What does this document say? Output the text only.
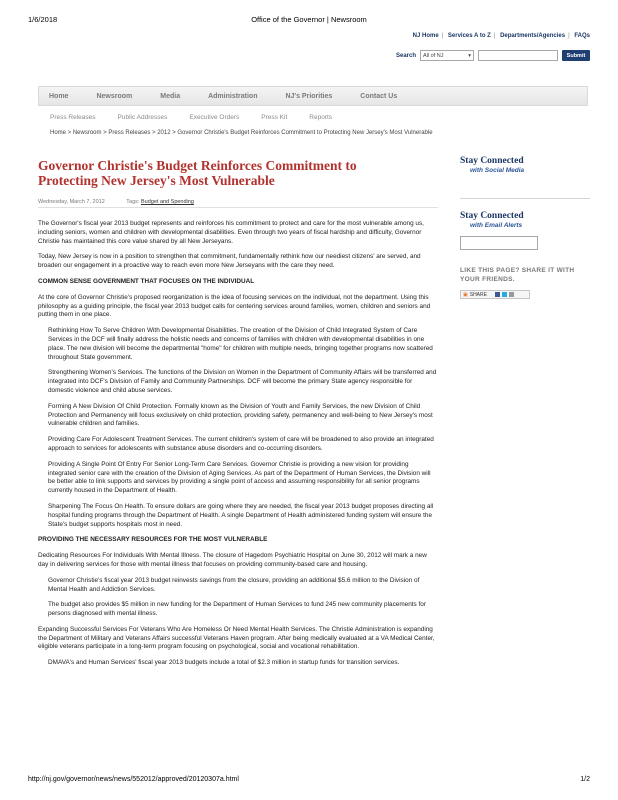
1/6/2018	Office of the Governor | Newsroom
NJ Home | Services A to Z | Departments/Agencies | FAQs
Search All of NJ	▾	Submit
Home	Newsroom	Media	Administration	NJ's Priorities	Contact Us
Press Releases	Public Addresses	Executive Orders	Press Kit	Reports
Home > Newsroom > Press Releases > 2012 > Governor Christie's Budget Reinforces Commitment to Protecting New Jersey's Most Vulnerable
Governor Christie's Budget Reinforces Commitment to Protecting New Jersey's Most Vulnerable
Wednesday, March 7, 2012	Tags: Budget and Spending

The Governor's fiscal year 2013 budget represents and reinforces his commitment to protect and care for the most vulnerable among us, including seniors, women and children with developmental disabilities. Even through two years of fiscal hardship and difficulty, Governor Christie has maintained this core value shared by all New Jerseyans.

Today, New Jersey is now in a position to strengthen that commitment, fundamentally rethink how our neediest citizens' are served, and broaden our engagement in a proactive way to reach even more New Jerseyans with the care they need.

COMMON SENSE GOVERNMENT THAT FOCUSES ON THE INDIVIDUAL

At the core of Governor Christie's proposed reorganization is the idea of focusing services on the individual, not the department. Using this philosophy as a guiding principle, the fiscal year 2013 budget calls for centering services around families, women, children and seniors and putting them in one place.

Rethinking How To Serve Children With Developmental Disabilities. The creation of the Division of Child Integrated System of Care Services in the DCF will finally address the holistic needs and concerns of families with children with developmental disabilities in one place. The new division will become the departmental "home" for children with multiple needs, bringing together programs now scattered throughout State government.

Strengthening Women's Services. The functions of the Division on Women in the Department of Community Affairs will be transferred and integrated into DCF's Division of Family and Community Partnerships. DCF will become the primary State agency responsible for domestic violence and child abuse services.

Forming A New Division Of Child Protection. Formally known as the Division of Youth and Family Services, the new Division of Child Protection and Permanency will focus exclusively on child protection, providing safety, permanency and well-being to New Jersey's most vulnerable children and families.

Providing Care For Adolescent Treatment Services. The current children's system of care will be broadened to also provide an integrated approach to services for adolescents with substance abuse disorders and co-occurring disorders.

Providing A Single Point Of Entry For Senior Long-Term Care Services. Governor Christie is providing a new vision for providing integrated senior care with the creation of the Division of Aging Services. As part of the Department of Human Services, the Division will be better able to link supports and services by providing a single point of access and assuming responsibility for all senior programs currently housed in the Department of Health.

Sharpening The Focus On Health. To ensure dollars are going where they are needed, the fiscal year 2013 budget proposes directing all hospital funding programs through the Department of Health. A single Department of Health administered funding system will ensure the State's budget supports hospitals most in need.

PROVIDING THE NECESSARY RESOURCES FOR THE MOST VULNERABLE

Dedicating Resources For Individuals With Mental Illness. The closure of Hagedom Psychiatric Hospital on June 30, 2012 will mark a new day in delivering services for those with mental illness that focuses on providing community-based care and housing.

Governor Christie's fiscal year 2013 budget reinvests savings from the closure, providing an additional $5.6 million to the Division of Mental Health and Addiction Services.

The budget also provides $5 million in new funding for the Department of Human Services to fund 245 new community placements for persons diagnosed with mental illness.

Expanding Successful Services For Veterans Who Are Homeless Or Need Mental Health Services. The Christie Administration is expanding the Department of Military and Veterans Affairs successful Veterans Haven program. After being medically evaluated at a VA Medical Center, eligible veterans participate in a long-term program focusing on psychological, social and vocational rehabilitation.

DMAVA's and Human Services' fiscal year 2013 budgets include a total of $2.3 million in startup funds for transition services.

Stay Connected
with Social Media
Stay Connected
with Email Alerts
LIKE THIS PAGE? SHARE IT WITH YOUR FRIENDS.
▣ SHARE
http://nj.gov/governor/news/news/552012/approved/20120307a.html	1/2
